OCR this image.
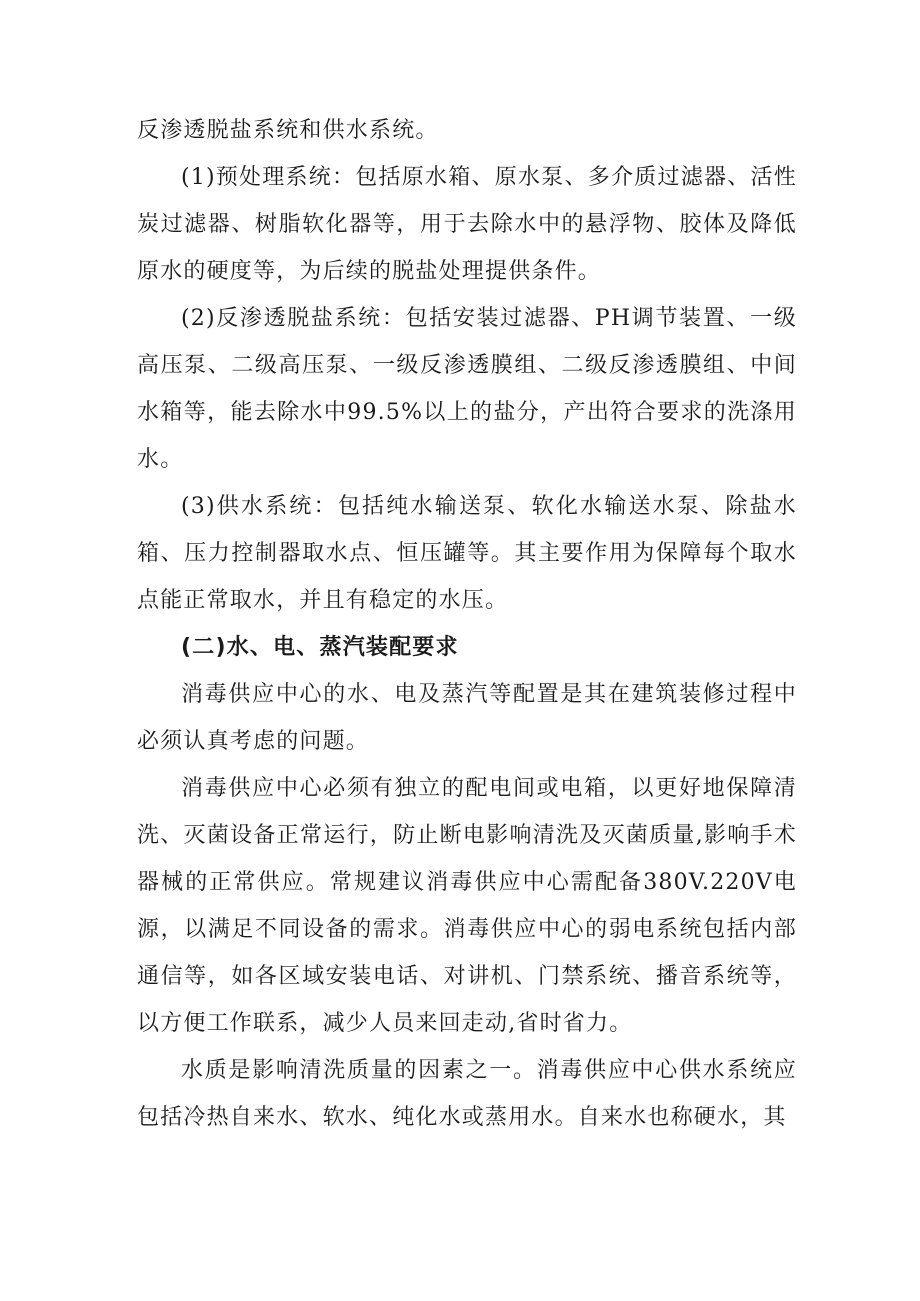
反渗透脱盐系统和供水系统。

(1)预处理系统：包括原水箱、原水泵、多介质过滤器、活性炭过滤器、树脂软化器等，用于去除水中的悬浮物、胶体及降低原水的硬度等，为后续的脱盐处理提供条件。

(2)反渗透脱盐系统：包括安装过滤器、PH调节装置、一级高压泵、二级高压泵、一级反渗透膜组、二级反渗透膜组、中间水箱等，能去除水中99.5%以上的盐分，产出符合要求的洗涤用水。

(3)供水系统：包括纯水输送泵、软化水输送水泵、除盐水箱、压力控制器取水点、恒压罐等。其主要作用为保障每个取水点能正常取水，并且有稳定的水压。

(二)水、电、蒸汽装配要求

消毒供应中心的水、电及蒸汽等配置是其在建筑装修过程中必须认真考虑的问题。

消毒供应中心必须有独立的配电间或电箱，以更好地保障清洗、灭菌设备正常运行，防止断电影响清洗及灭菌质量,影响手术器械的正常供应。常规建议消毒供应中心需配备380V.220V电源，以满足不同设备的需求。消毒供应中心的弱电系统包括内部通信等，如各区域安装电话、对讲机、门禁系统、播音系统等，以方便工作联系，减少人员来回走动,省时省力。

水质是影响清洗质量的因素之一。消毒供应中心供水系统应包括冷热自来水、软水、纯化水或蒸用水。自来水也称硬水，其
